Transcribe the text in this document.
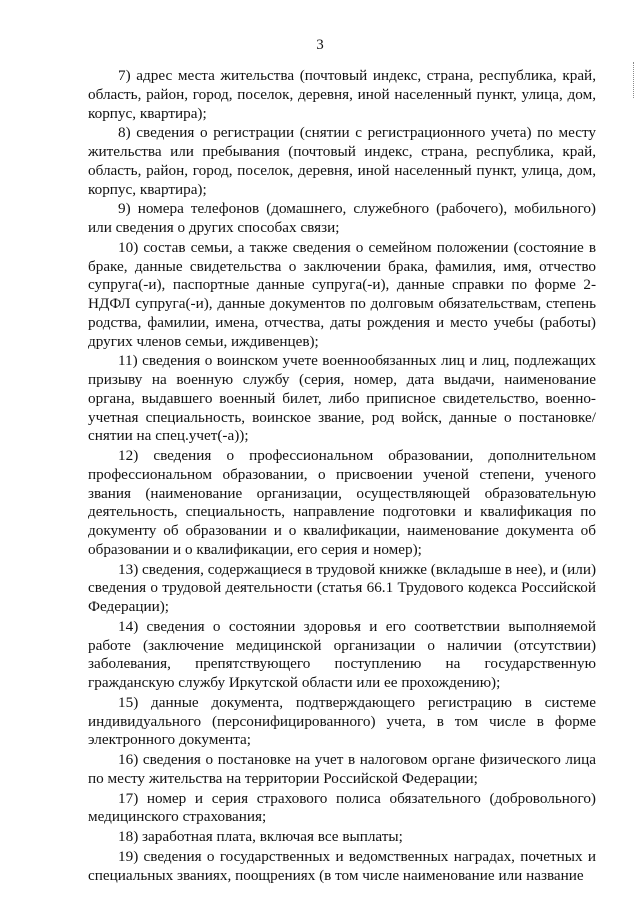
3

7) адрес места жительства (почтовый индекс, страна, республика, край, область, район, город, поселок, деревня, иной населенный пункт, улица, дом, корпус, квартира);

8) сведения о регистрации (снятии с регистрационного учета) по месту жительства или пребывания (почтовый индекс, страна, республика, край, область, район, город, поселок, деревня, иной населенный пункт, улица, дом, корпус, квартира);

9) номера телефонов (домашнего, служебного (рабочего), мобильного) или сведения о других способах связи;

10) состав семьи, а также сведения о семейном положении (состояние в браке, данные свидетельства о заключении брака, фамилия, имя, отчество супруга(-и), паспортные данные супруга(-и), данные справки по форме 2-НДФЛ супруга(-и), данные документов по долговым обязательствам, степень родства, фамилии, имена, отчества, даты рождения и место учебы (работы) других членов семьи, иждивенцев);

11) сведения о воинском учете военнообязанных лиц и лиц, подлежащих призыву на военную службу (серия, номер, дата выдачи, наименование органа, выдавшего военный билет, либо приписное свидетельство, военно-учетная специальность, воинское звание, род войск, данные о постановке/снятии на спец.учет(-а));

12) сведения о профессиональном образовании, дополнительном профессиональном образовании, о присвоении ученой степени, ученого звания (наименование организации, осуществляющей образовательную деятельность, специальность, направление подготовки и квалификация по документу об образовании и о квалификации, наименование документа об образовании и о квалификации, его серия и номер);

13) сведения, содержащиеся в трудовой книжке (вкладыше в нее), и (или) сведения о трудовой деятельности (статья 66.1 Трудового кодекса Российской Федерации);

14) сведения о состоянии здоровья и его соответствии выполняемой работе (заключение медицинской организации о наличии (отсутствии) заболевания, препятствующего поступлению на государственную гражданскую службу Иркутской области или ее прохождению);

15) данные документа, подтверждающего регистрацию в системе индивидуального (персонифицированного) учета, в том числе в форме электронного документа;

16) сведения о постановке на учет в налоговом органе физического лица по месту жительства на территории Российской Федерации;

17) номер и серия страхового полиса обязательного (добровольного) медицинского страхования;

18) заработная плата, включая все выплаты;

19) сведения о государственных и ведомственных наградах, почетных и специальных званиях, поощрениях (в том числе наименование или название
